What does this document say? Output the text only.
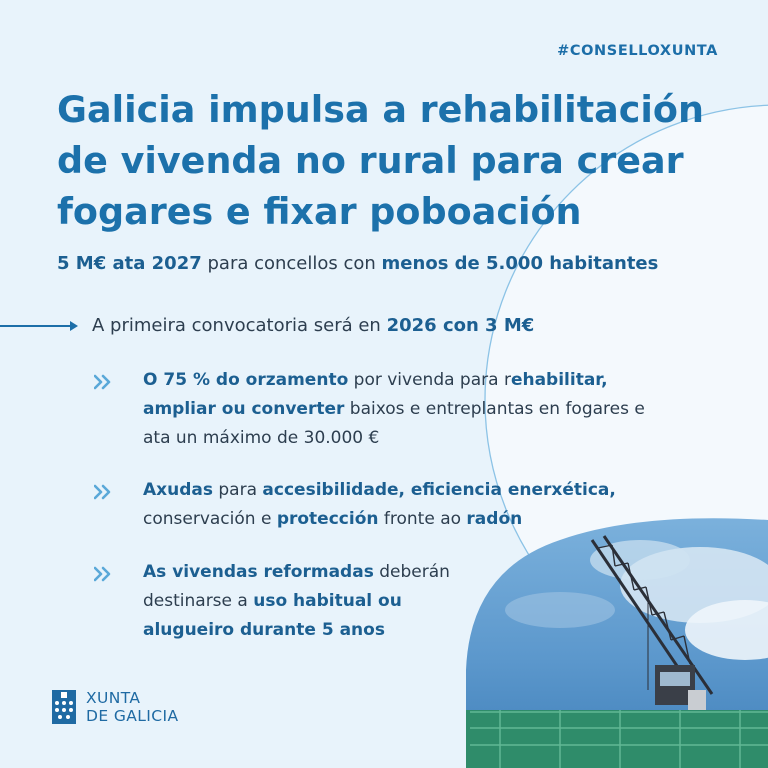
#CONSELLOXUNTA
Galicia impulsa a rehabilitación
de vivenda no rural para crear
fogares e fixar poboación

5 M€ ata 2027 para concellos con menos de 5.000 habitantes

A primeira convocatoria será en 2026 con 3 M€

O 75 % do orzamento por vivenda para rehabilitar,
ampliar ou converter baixos e entreplantas en fogares e
ata un máximo de 30.000 €
Axudas para accesibilidade, eficiencia enerxética,
conservación e protección fronte ao radón
As vivendas reformadas deberán
destinarse a uso habitual ou
alugueiro durante 5 anos
XUNTA
DE GALICIA
